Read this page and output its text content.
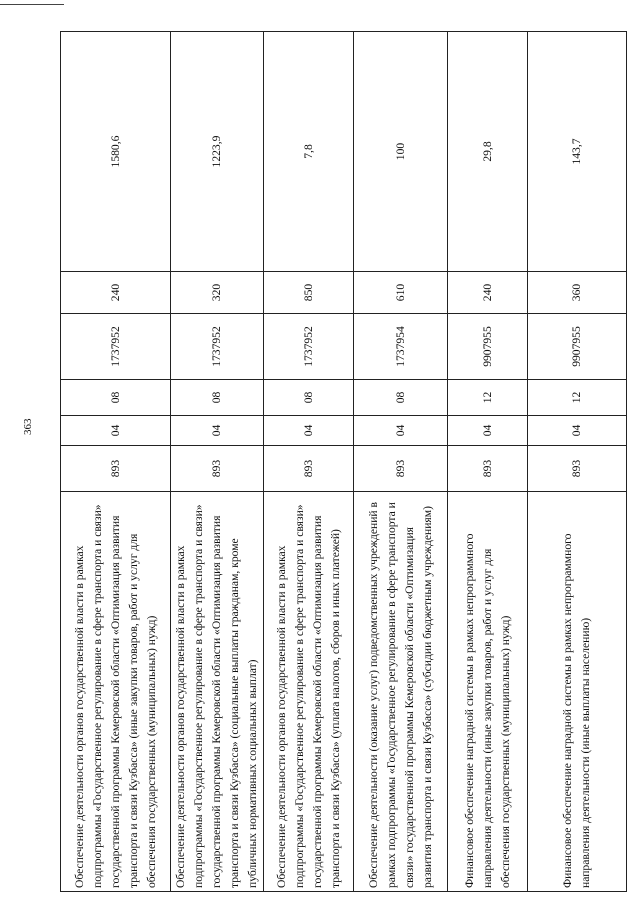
363
Обеспечение деятельности органов государственной власти в рамках подпрограммы «Государственное регулирование в сфере транспорта и связи» государственной программы Кемеровской области «Оптимизация развития транспорта и связи Кузбасса» (иные закупки товаров, работ и услуг для обеспечения государственных (муниципальных) нужд)	893	04	08	1737952	240	1580,6
Обеспечение деятельности органов государственной власти в рамках подпрограммы «Государственное регулирование в сфере транспорта и связи» государственной программы Кемеровской области «Оптимизация развития транспорта и связи Кузбасса» (социальные выплаты гражданам, кроме публичных нормативных социальных выплат)	893	04	08	1737952	320	1223,9
Обеспечение деятельности органов государственной власти в рамках подпрограммы «Государственное регулирование в сфере транспорта и связи» государственной программы Кемеровской области «Оптимизация развития транспорта и связи Кузбасса» (уплата налогов, сборов и иных платежей)	893	04	08	1737952	850	7,8
Обеспечение деятельности (оказание услуг) подведомственных учреждений в рамках подпрограммы «Государственное регулирование в сфере транспорта и связи» государственной программы Кемеровской области «Оптимизация развития транспорта и связи Кузбасса» (субсидии бюджетным учреждениям)	893	04	08	1737954	610	100
Финансовое обеспечение наградной системы в рамках непрограммного направления деятельности (иные закупки товаров, работ и услуг для обеспечения государственных (муниципальных) нужд)	893	04	12	9907955	240	29,8
Финансовое обеспечение наградной системы в рамках непрограммного направления деятельности (иные выплаты населению)	893	04	12	9907955	360	143,7
